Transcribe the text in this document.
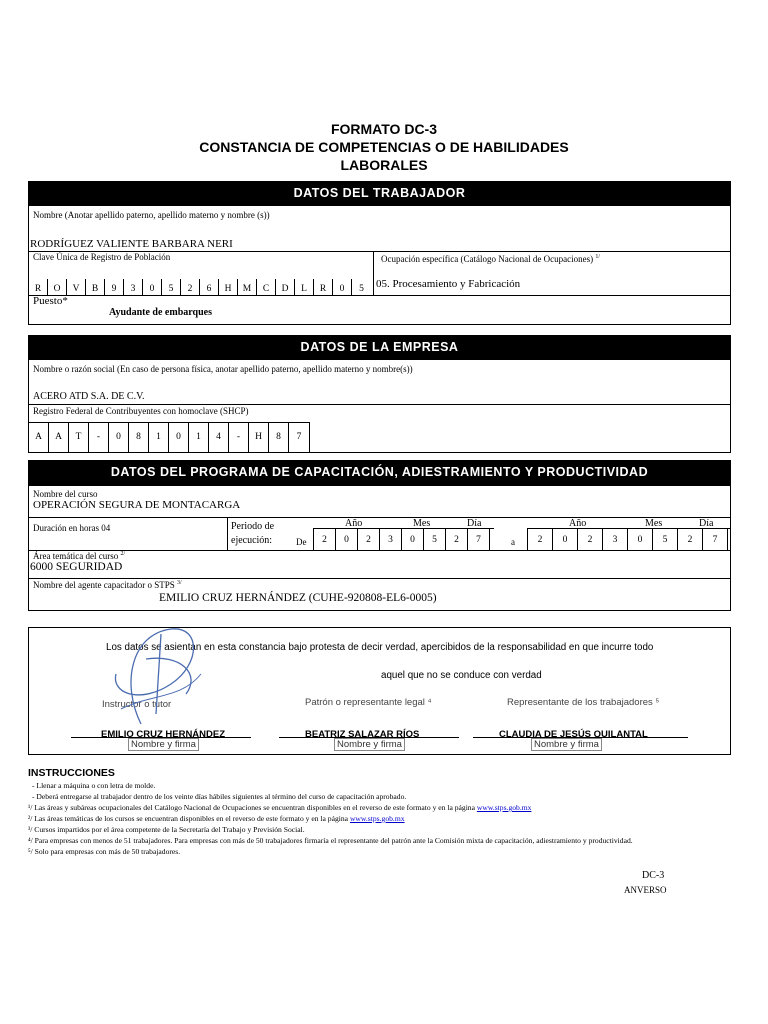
FORMATO DC-3
CONSTANCIA DE COMPETENCIAS O DE HABILIDADES
LABORALES
DATOS DEL TRABAJADOR
Nombre (Anotar apellido paterno, apellido materno y nombre (s))
RODRÍGUEZ VALIENTE BARBARA NERI
Clave Única de Registro de Población
R	O	V	B	9	3	0	5	2	6	H	M	C	D	L	R	0	5
Ocupación específica (Catálogo Nacional de Ocupaciones) $^{1/}$
05. Procesamiento y Fabricación
Puesto*
Ayudante de embarques
DATOS DE LA EMPRESA
Nombre o razón social (En caso de persona física, anotar apellido paterno, apellido materno y nombre(s))
ACERO ATD S.A. DE C.V.
Registro Federal de Contribuyentes con homoclave (SHCP)
A	A	T	-	0	8	1	0	1	4	-	H	8	7
DATOS DEL PROGRAMA DE CAPACITACIÓN, ADIESTRAMIENTO Y PRODUCTIVIDAD
Nombre del curso
OPERACIÓN SEGURA DE MONTACARGA
Duración en horas 04	Periodo de
ejecución:	De
Año	Mes	Día
2	0	2	3	0	5	2	7	a
Año	Mes	Día
2	0	2	3	0	5	2	7
Área temática del curso $^{2/}$
6000 SEGURIDAD
Nombre del agente capacitador o STPS $^{3/}$
EMILIO CRUZ HERNÁNDEZ (CUHE-920808-EL6-0005)
Los datos se asientan en esta constancia bajo protesta de decir verdad, apercibidos de la responsabilidad en que incurre todo
aquel que no se conduce con verdad
Instructor o tutor	Patrón o representante legal ⁴	Representante de los trabajadores ⁵
EMILIO CRUZ HERNÁNDEZ	BEATRIZ SALAZAR RÍOS	CLAUDIA DE JESÚS QUILANTAL
Nombre y firma	Nombre y firma	Nombre y firma
INSTRUCCIONES
- Llenar a máquina o con letra de molde.
- Deberá entregarse al trabajador dentro de los veinte días hábiles siguientes al término del curso de capacitación aprobado.
¹/ Las áreas y subáreas ocupacionales del Catálogo Nacional de Ocupaciones se encuentran disponibles en el reverso de este formato y en la página www.stps.gob.mx
²/ Las áreas temáticas de los cursos se encuentran disponibles en el reverso de este formato y en la página www.stps.gob.mx
³/ Cursos impartidos por el área competente de la Secretaría del Trabajo y Previsión Social.
⁴/ Para empresas con menos de 51 trabajadores. Para empresas con más de 50 trabajadores firmaría el representante del patrón ante la Comisión mixta de capacitación, adiestramiento y productividad.
⁵/ Solo para empresas con más de 50 trabajadores.
DC-3
ANVERSO
